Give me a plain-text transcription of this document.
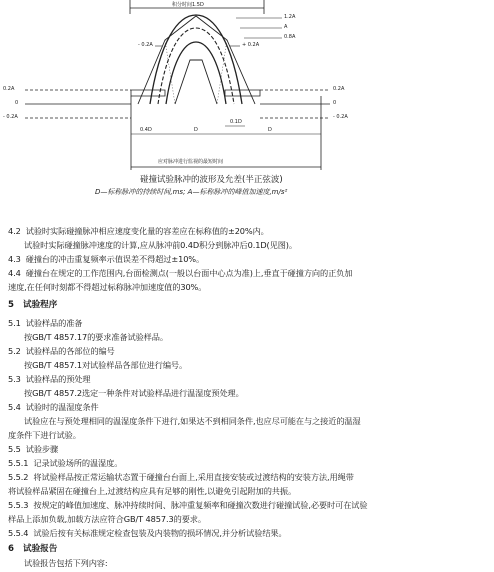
积分时间1.5D
1.2A
A
0.8A
- 0.2A	+ 0.2A
0.2A
0
- 0.2A
0.2A
0
- 0.2A
0.4D	D
0.1D
D
应对脉冲进行监视的最短时间
碰撞试验脉冲的波形及允差(半正弦波)
D—标称脉冲的持续时间,ms; A—标称脉冲的峰值加速度,m/s²
4.2 试验时实际碰撞脉冲相应速度变化量的容差应在标称值的±20%内。
试验时实际碰撞脉冲速度的计算,应从脉冲前0.4D积分到脉冲后0.1D(见图)。
4.3 碰撞台的冲击重复频率示值误差不得超过±10%。
4.4 碰撞台在规定的工作范围内,台面检测点(一般以台面中心点为准)上,垂直于碰撞方向的正负加
速度,在任何时刻都不得超过标称脉冲加速度值的30%。
5 试验程序
5.1 试验样品的准备
按GB/T 4857.17的要求准备试验样品。
5.2 试验样品的各部位的编号
按GB/T 4857.1对试验样品各部位进行编号。
5.3 试验样品的预处理
按GB/T 4857.2选定一种条件对试验样品进行温湿度预处理。
5.4 试验时的温湿度条件
试验应在与预处理相同的温湿度条件下进行,如果达不到相同条件,也应尽可能在与之接近的温湿
度条件下进行试验。
5.5 试验步骤
5.5.1 记录试验场所的温湿度。
5.5.2 将试验样品按正常运输状态置于碰撞台台面上,采用直接安装或过渡结构的安装方法,用绳带
将试验样品紧固在碰撞台上,过渡结构应具有足够的刚性,以避免引起附加的共振。
5.5.3 按规定的峰值加速度、脉冲持续时间、脉冲重复频率和碰撞次数进行碰撞试验,必要时可在试验
样品上添加负载,加载方法应符合GB/T 4857.3的要求。
5.5.4 试验后按有关标准规定检查包装及内装物的损坏情况,并分析试验结果。
6 试验报告
试验报告包括下列内容:
